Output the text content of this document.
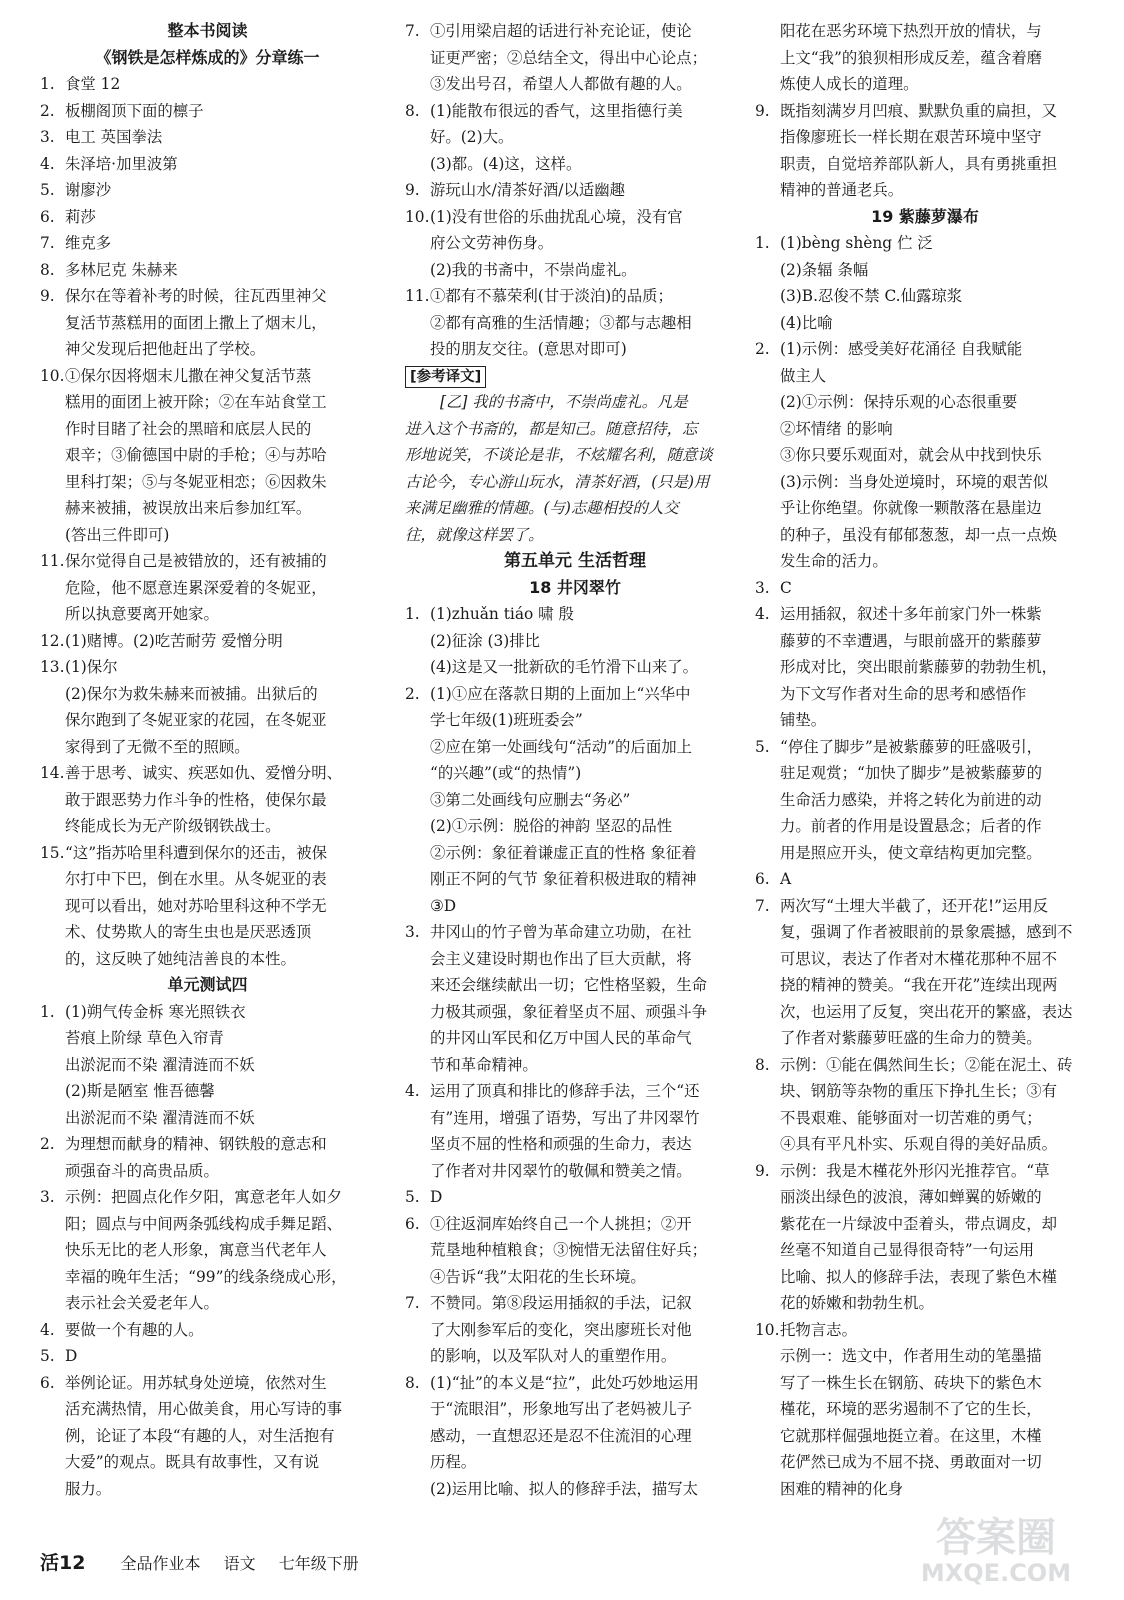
整本书阅读
《钢铁是怎样炼成的》分章练一
1. 食堂 12
2. 板棚阁顶下面的檩子
3. 电工 英国拳法
4. 朱泽培·加里波第
5. 谢廖沙
6. 莉莎
7. 维克多
8. 多林尼克 朱赫来
9. 保尔在等着补考的时候，往瓦西里神父
复活节蒸糕用的面团上撒上了烟末儿，
神父发现后把他赶出了学校。
10.①保尔因将烟末儿撒在神父复活节蒸
糕用的面团上被开除；②在车站食堂工
作时目睹了社会的黑暗和底层人民的
艰辛；③偷德国中尉的手枪；④与苏哈
里科打架；⑤与冬妮亚相恋；⑥因救朱
赫来被捕，被误放出来后参加红军。
(答出三件即可)
11.保尔觉得自己是被错放的，还有被捕的
危险，他不愿意连累深爱着的冬妮亚，
所以执意要离开她家。
12.(1)赌博。(2)吃苦耐劳 爱憎分明
13.(1)保尔
(2)保尔为救朱赫来而被捕。出狱后的
保尔跑到了冬妮亚家的花园，在冬妮亚
家得到了无微不至的照顾。
14.善于思考、诚实、疾恶如仇、爱憎分明、
敢于跟恶势力作斗争的性格，使保尔最
终能成长为无产阶级钢铁战士。
15.“这”指苏哈里科遭到保尔的还击，被保
尔打中下巴，倒在水里。从冬妮亚的表
现可以看出，她对苏哈里科这种不学无
术、仗势欺人的寄生虫也是厌恶透顶
的，这反映了她纯洁善良的本性。
单元测试四
1. (1)朔气传金柝 寒光照铁衣
苔痕上阶绿 草色入帘青
出淤泥而不染 濯清涟而不妖
(2)斯是陋室 惟吾德馨
出淤泥而不染 濯清涟而不妖
2. 为理想而献身的精神、钢铁般的意志和
顽强奋斗的高贵品质。
3. 示例：把圆点化作夕阳，寓意老年人如夕
阳；圆点与中间两条弧线构成手舞足蹈、
快乐无比的老人形象，寓意当代老年人
幸福的晚年生活；“99”的线条绕成心形，
表示社会关爱老年人。
4. 要做一个有趣的人。
5. D
6. 举例论证。用苏轼身处逆境，依然对生
活充满热情，用心做美食，用心写诗的事
例，论证了本段“有趣的人，对生活抱有
大爱”的观点。既具有故事性，又有说
服力。
7. ①引用梁启超的话进行补充论证，使论
证更严密；②总结全文，得出中心论点；
③发出号召，希望人人都做有趣的人。
8. (1)能散布很远的香气，这里指德行美
好。(2)大。
(3)都。(4)这，这样。
9. 游玩山水/清茶好酒/以适幽趣
10.(1)没有世俗的乐曲扰乱心境，没有官
府公文劳神伤身。
(2)我的书斋中，不崇尚虚礼。
11.①都有不慕荣利(甘于淡泊)的品质；
②都有高雅的生活情趣；③都与志趣相
投的朋友交往。(意思对即可)
[参考译文]
[乙] 我的书斋中，不崇尚虚礼。凡是
进入这个书斋的，都是知己。随意招待，忘
形地说笑，不谈论是非，不炫耀名利，随意谈
古论今，专心游山玩水，清茶好酒，(只是)用
来满足幽雅的情趣。(与)志趣相投的人交
往，就像这样罢了。
第五单元 生活哲理
18 井冈翠竹
1. (1)zhuǎn tiáo 啸 殷
(2)征涂 (3)排比
(4)这是又一批新砍的毛竹滑下山来了。
2. (1)①应在落款日期的上面加上“兴华中
学七年级(1)班班委会”
②应在第一处画线句“活动”的后面加上
“的兴趣”(或“的热情”)
③第二处画线句应删去“务必”
(2)①示例：脱俗的神韵 坚忍的品性
②示例：象征着谦虚正直的性格 象征着
刚正不阿的气节 象征着积极进取的精神
③D
3. 井冈山的竹子曾为革命建立功勋，在社
会主义建设时期也作出了巨大贡献，将
来还会继续献出一切；它性格坚毅，生命
力极其顽强，象征着坚贞不屈、顽强斗争
的井冈山军民和亿万中国人民的革命气
节和革命精神。
4. 运用了顶真和排比的修辞手法，三个“还
有”连用，增强了语势，写出了井冈翠竹
坚贞不屈的性格和顽强的生命力，表达
了作者对井冈翠竹的敬佩和赞美之情。
5. D
6. ①往返洞库始终自己一个人挑担；②开
荒垦地种植粮食；③惋惜无法留住好兵；
④告诉“我”太阳花的生长环境。
7. 不赞同。第⑧段运用插叙的手法，记叙
了大刚参军后的变化，突出廖班长对他
的影响，以及军队对人的重塑作用。
8. (1)“扯”的本义是“拉”，此处巧妙地运用
于“流眼泪”，形象地写出了老妈被儿子
感动，一直想忍还是忍不住流泪的心理
历程。
(2)运用比喻、拟人的修辞手法，描写太
阳花在恶劣环境下热烈开放的情状，与
上文“我”的狼狈相形成反差，蕴含着磨
炼使人成长的道理。
9. 既指刻满岁月凹痕、默默负重的扁担，又
指像廖班长一样长期在艰苦环境中坚守
职责，自觉培养部队新人，具有勇挑重担
精神的普通老兵。
19 紫藤萝瀑布
1. (1)bèng shèng 伫 泛
(2)条辐 条幅
(3)B.忍俊不禁 C.仙露琼浆
(4)比喻
2. (1)示例：感受美好花涌径 自我赋能
做主人
(2)①示例：保持乐观的心态很重要
②坏情绪 的影响
③你只要乐观面对，就会从中找到快乐
(3)示例：当身处逆境时，环境的艰苦似
乎让你绝望。你就像一颗散落在悬崖边
的种子，虽没有郁郁葱葱，却一点一点焕
发生命的活力。
3. C
4. 运用插叙，叙述十多年前家门外一株紫
藤萝的不幸遭遇，与眼前盛开的紫藤萝
形成对比，突出眼前紫藤萝的勃勃生机，
为下文写作者对生命的思考和感悟作
铺垫。
5. “停住了脚步”是被紫藤萝的旺盛吸引，
驻足观赏；“加快了脚步”是被紫藤萝的
生命活力感染，并将之转化为前进的动
力。前者的作用是设置悬念；后者的作
用是照应开头，使文章结构更加完整。
6. A
7. 两次写“土埋大半截了，还开花!”运用反
复，强调了作者被眼前的景象震撼，感到不
可思议，表达了作者对木槿花那种不屈不
挠的精神的赞美。“我在开花”连续出现两
次，也运用了反复，突出花开的繁盛，表达
了作者对紫藤萝旺盛的生命力的赞美。
8. 示例：①能在偶然间生长；②能在泥土、砖
块、钢筋等杂物的重压下挣扎生长；③有
不畏艰难、能够面对一切苦难的勇气；
④具有平凡朴实、乐观自得的美好品质。
9. 示例：我是木槿花外形闪光推荐官。“草
丽淡出绿色的波浪，薄如蝉翼的娇嫩的
紫花在一片绿波中歪着头，带点调皮，却
丝毫不知道自己显得很奇特”一句运用
比喻、拟人的修辞手法，表现了紫色木槿
花的娇嫩和勃勃生机。
10.托物言志。
示例一：选文中，作者用生动的笔墨描
写了一株生长在钢筋、砖块下的紫色木
槿花，环境的恶劣遏制不了它的生长，
它就那样倔强地挺立着。在这里，木槿
花俨然已成为不屈不挠、勇敢面对一切
困难的精神的化身
活12 全品作业本 语文 七年级下册
答案圈
MXQE.COM
